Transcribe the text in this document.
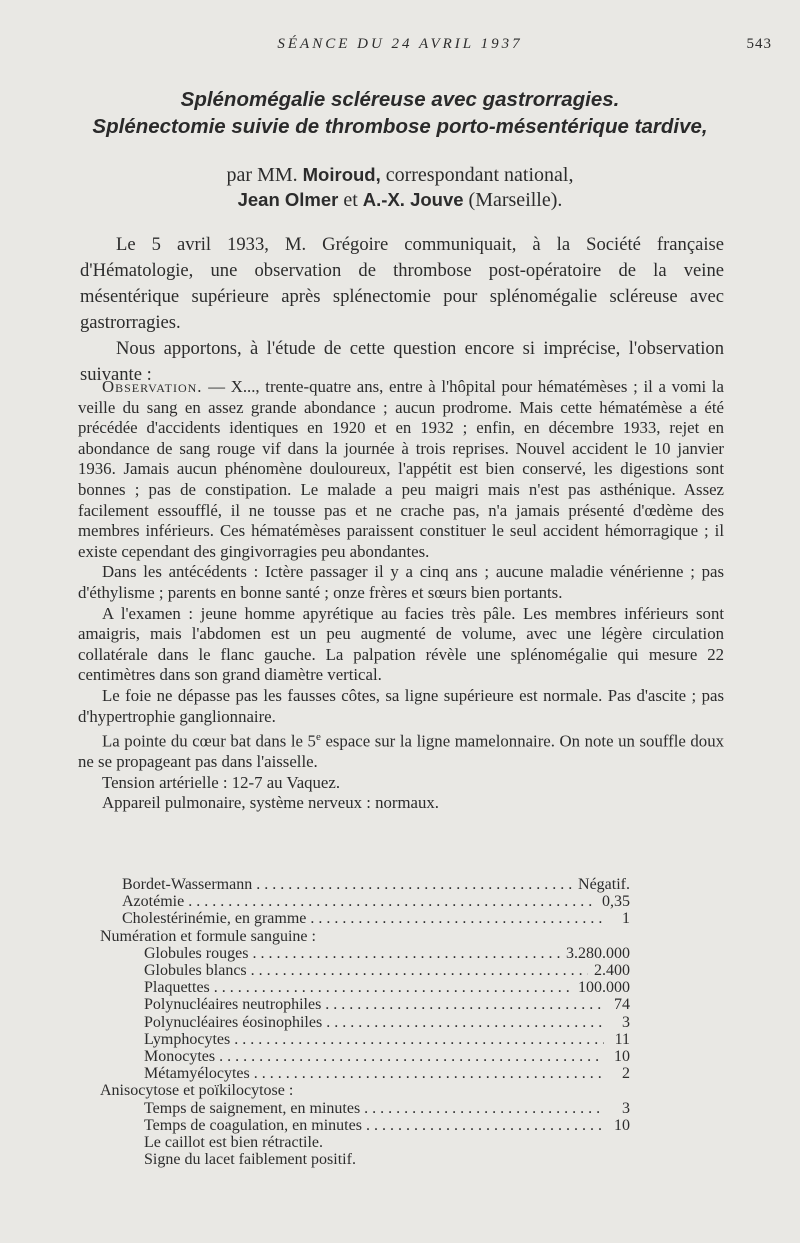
SÉANCE DU 24 AVRIL 1937	543
Splénomégalie scléreuse avec gastrorragies.
Splénectomie suivie de thrombose porto-mésentérique tardive,
par MM. Moiroud, correspondant national,
Jean Olmer et A.-X. Jouve (Marseille).

Le 5 avril 1933, M. Grégoire communiquait, à la Société française d'Hématologie, une observation de thrombose post-opératoire de la veine mésentérique supérieure après splénectomie pour splénomégalie scléreuse avec gastrorragies.

Nous apportons, à l'étude de cette question encore si imprécise, l'observation suivante :

Observation. — X..., trente-quatre ans, entre à l'hôpital pour hématémèses ; il a vomi la veille du sang en assez grande abondance ; aucun prodrome. Mais cette hématémèse a été précédée d'accidents identiques en 1920 et en 1932 ; enfin, en décembre 1933, rejet en abondance de sang rouge vif dans la journée à trois reprises. Nouvel accident le 10 janvier 1936. Jamais aucun phénomène douloureux, l'appétit est bien conservé, les digestions sont bonnes ; pas de constipation. Le malade a peu maigri mais n'est pas asthénique. Assez facilement essoufflé, il ne tousse pas et ne crache pas, n'a jamais présenté d'œdème des membres inférieurs. Ces hématémèses paraissent constituer le seul accident hémorragique ; il existe cependant des gingivorragies peu abondantes.

Dans les antécédents : Ictère passager il y a cinq ans ; aucune maladie vénérienne ; pas d'éthylisme ; parents en bonne santé ; onze frères et sœurs bien portants.

A l'examen : jeune homme apyrétique au facies très pâle. Les membres inférieurs sont amaigris, mais l'abdomen est un peu augmenté de volume, avec une légère circulation collatérale dans le flanc gauche. La palpation révèle une splénomégalie qui mesure 22 centimètres dans son grand diamètre vertical.

Le foie ne dépasse pas les fausses côtes, sa ligne supérieure est normale. Pas d'ascite ; pas d'hypertrophie ganglionnaire.

La pointe du cœur bat dans le 5e espace sur la ligne mamelonnaire. On note un souffle doux ne se propageant pas dans l'aisselle.

Tension artérielle : 12-7 au Vaquez.

Appareil pulmonaire, système nerveux : normaux.

Bordet-Wassermann . . .	Négatif.
Azotémie . . .	0,35
Cholestérinémie, en gramme . . .	1
Numération et formule sanguine :
Globules rouges . . .	3.280.000
Globules blancs . . .	2.400
Plaquettes . . .	100.000
Polynucléaires neutrophiles . . .	74
Polynucléaires éosinophiles . . .	3
Lymphocytes . . .	11
Monocytes . . .	10
Métamyélocytes . . .	2
Anisocytose et poïkilocytose :
Temps de saignement, en minutes . . .	3
Temps de coagulation, en minutes . . .	10
Le caillot est bien rétractile.
Signe du lacet faiblement positif.
